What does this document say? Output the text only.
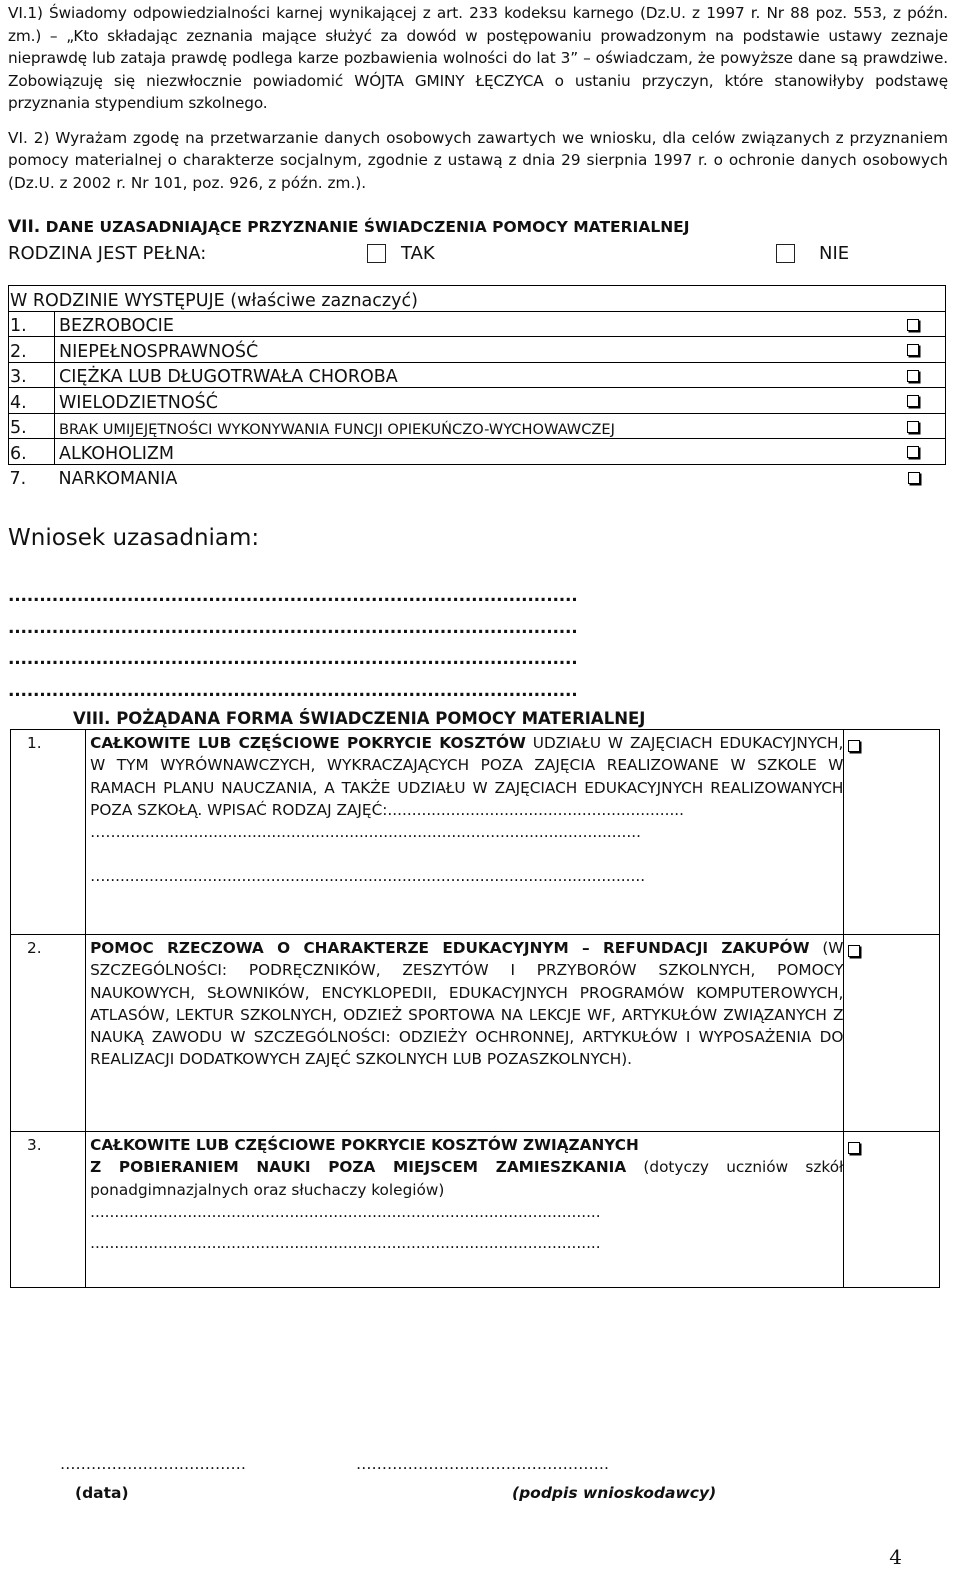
VI.1) Świadomy odpowiedzialności karnej wynikającej z art. 233 kodeksu karnego (Dz.U. z 1997 r. Nr 88 poz. 553, z późn. zm.) – „Kto składając zeznania mające służyć za dowód w postępowaniu prowadzonym na podstawie ustawy zeznaje nieprawdę lub zataja prawdę podlega karze pozbawienia wolności do lat 3” – oświadczam, że powyższe dane są prawdziwe. Zobowiązuję się niezwłocznie powiadomić WÓJTA GMINY ŁĘCZYCA o ustaniu przyczyn, które stanowiłyby podstawę przyznania stypendium szkolnego.

VI. 2) Wyrażam zgodę na przetwarzanie danych osobowych zawartych we wniosku, dla celów związanych z przyznaniem pomocy materialnej o charakterze socjalnym, zgodnie z ustawą z dnia 29 sierpnia 1997 r. o ochronie danych osobowych (Dz.U. z 2002 r. Nr 101, poz. 926, z późn. zm.).

VII. DANE UZASADNIAJĄCE PRZYZNANIE ŚWIADCZENIA POMOCY MATERIALNEJ
RODZINA JEST PEŁNA:	TAK	NIE
W RODZINIE WYSTĘPUJE (właściwe zaznaczyć)		
1.	BEZROBOCIE	
2.	NIEPEŁNOSPRAWNOŚĆ	
3.	CIĘŻKA LUB DŁUGOTRWAŁA CHOROBA	
4.	WIELODZIETNOŚĆ	
5.	BRAK UMIJEJĘTNOŚCI WYKONYWANIA FUNCJI OPIEKUŃCZO-WYCHOWAWCZEJ	
6.	ALKOHOLIZM	
7.	NARKOMANIA	
Wniosek uzasadniam:
...........................................................................................
...........................................................................................
...........................................................................................
...........................................................................................
VIII. POŻĄDANA FORMA ŚWIADCZENIA POMOCY MATERIALNEJ
1.	CAŁKOWITE LUB CZĘŚCIOWE POKRYCIE KOSZTÓW UDZIAŁU W ZAJĘCIACH EDUKACYJNYCH, W TYM WYRÓWNAWCZYCH, WYKRACZAJĄCYCH POZA ZAJĘCIA REALIZOWANE W SZKOLE W RAMACH PLANU NAUCZANIA, A TAKŻE UDZIAŁU W ZAJĘCIACH EDUKACYJNYCH REALIZOWANYCH POZA SZKOŁĄ. WPISAĆ RODZAJ ZAJĘĆ:.............................................................
……...........................................................................................................
…...............................................................................................................	

2.	POMOC RZECZOWA O CHARAKTERZE EDUKACYJNYM – REFUNDACJI ZAKUPÓW (W SZCZEGÓLNOŚCI: PODRĘCZNIKÓW, ZESZYTÓW I PRZYBORÓW SZKOLNYCH, POMOCY NAUKOWYCH, SŁOWNIKÓW, ENCYKLOPEDII, EDUKACYJNYCH PROGRAMÓW KOMPUTEROWYCH, ATLASÓW, LEKTUR SZKOLNYCH, ODZIEŻ SPORTOWA NA LEKCJE WF, ARTYKUŁÓW ZWIĄZANYCH Z NAUKĄ ZAWODU W SZCZEGÓLNOŚCI: ODZIEŻY OCHRONNEJ, ARTYKUŁÓW I WYPOSAŻENIA DO REALIZACJI DODATKOWYCH ZAJĘĆ SZKOLNYCH LUB POZASZKOLNYCH).	
3.	CAŁKOWITE LUB CZĘŚCIOWE POKRYCIE KOSZTÓW ZWIĄZANYCH
Z POBIERANIEM NAUKI POZA MIEJSCEM ZAMIESZKANIA (dotyczy uczniów szkół ponadgimnazjalnych oraz słuchaczy kolegiów)
.........................................................................................................
.........................................................................................................	

………………………………	………………………………………….
(data)	(podpis wnioskodawcy)
4
